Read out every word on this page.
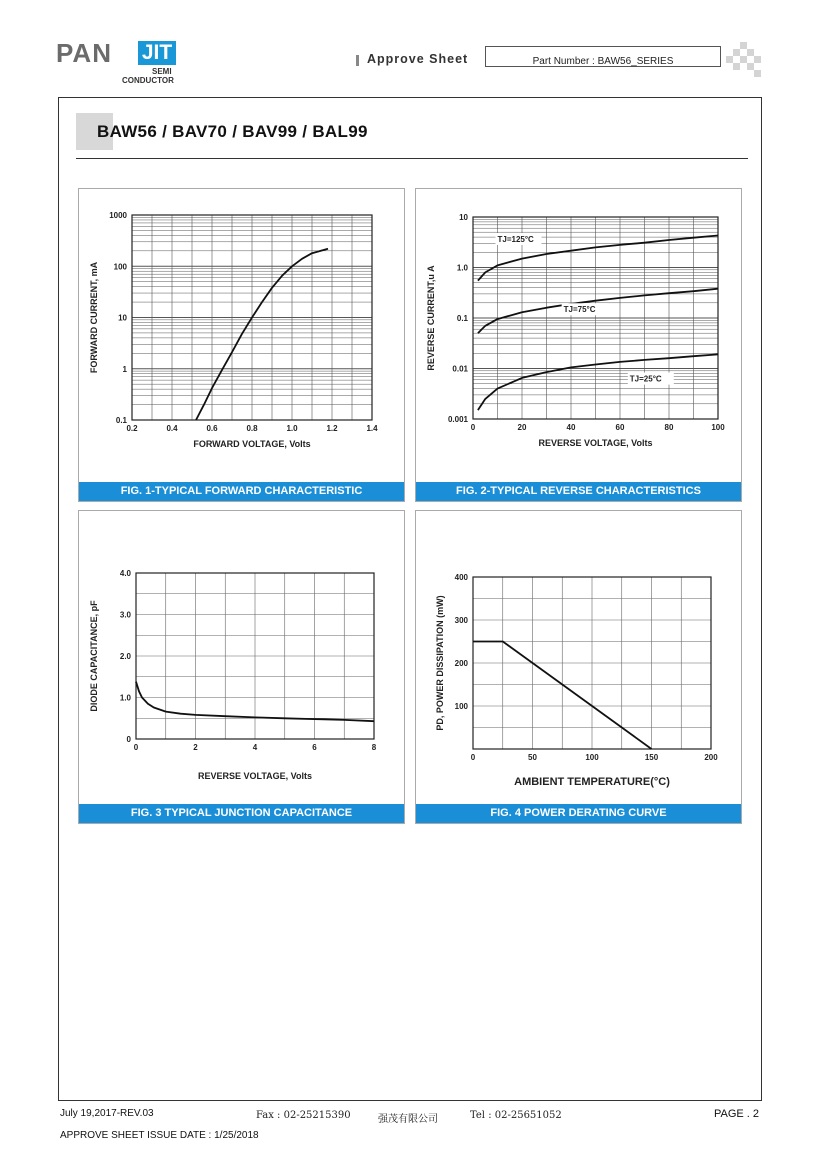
PAN JIT
SEMI
CONDUCTOR
Approve Sheet	Part Number : BAW56_SERIES
BAW56 / BAV70 / BAV99 / BAL99
0.2	0.4	0.6	0.8	1.0	1.2	1.4
0.1
1
10
100
1000
FORWARD VOLTAGE, Volts
FORWARD CURRENT, mA
FIG. 1-TYPICAL FORWARD CHARACTERISTIC
0	20	40	60	80	100
0.001
0.01
0.1
1.0
10
REVERSE VOLTAGE, Volts
REVERSE CURRENT,u A
TJ=125°C
TJ=75°C
TJ=25°C
FIG. 2-TYPICAL REVERSE CHARACTERISTICS
0	2	4	6	8
0
1.0
2.0
3.0
4.0
REVERSE VOLTAGE, Volts
DIODE CAPACITANCE, pF
FIG. 3 TYPICAL JUNCTION CAPACITANCE
0	50	100	150	200
100
200
300
400
AMBIENT TEMPERATURE(°C)
PD, POWER DISSIPATION (mW)
FIG. 4 POWER DERATING CURVE
July 19,2017-REV.03	Fax : 02-25215390	强茂有限公司	Tel : 02-25651052	PAGE . 2
APPROVE SHEET ISSUE DATE : 1/25/2018
